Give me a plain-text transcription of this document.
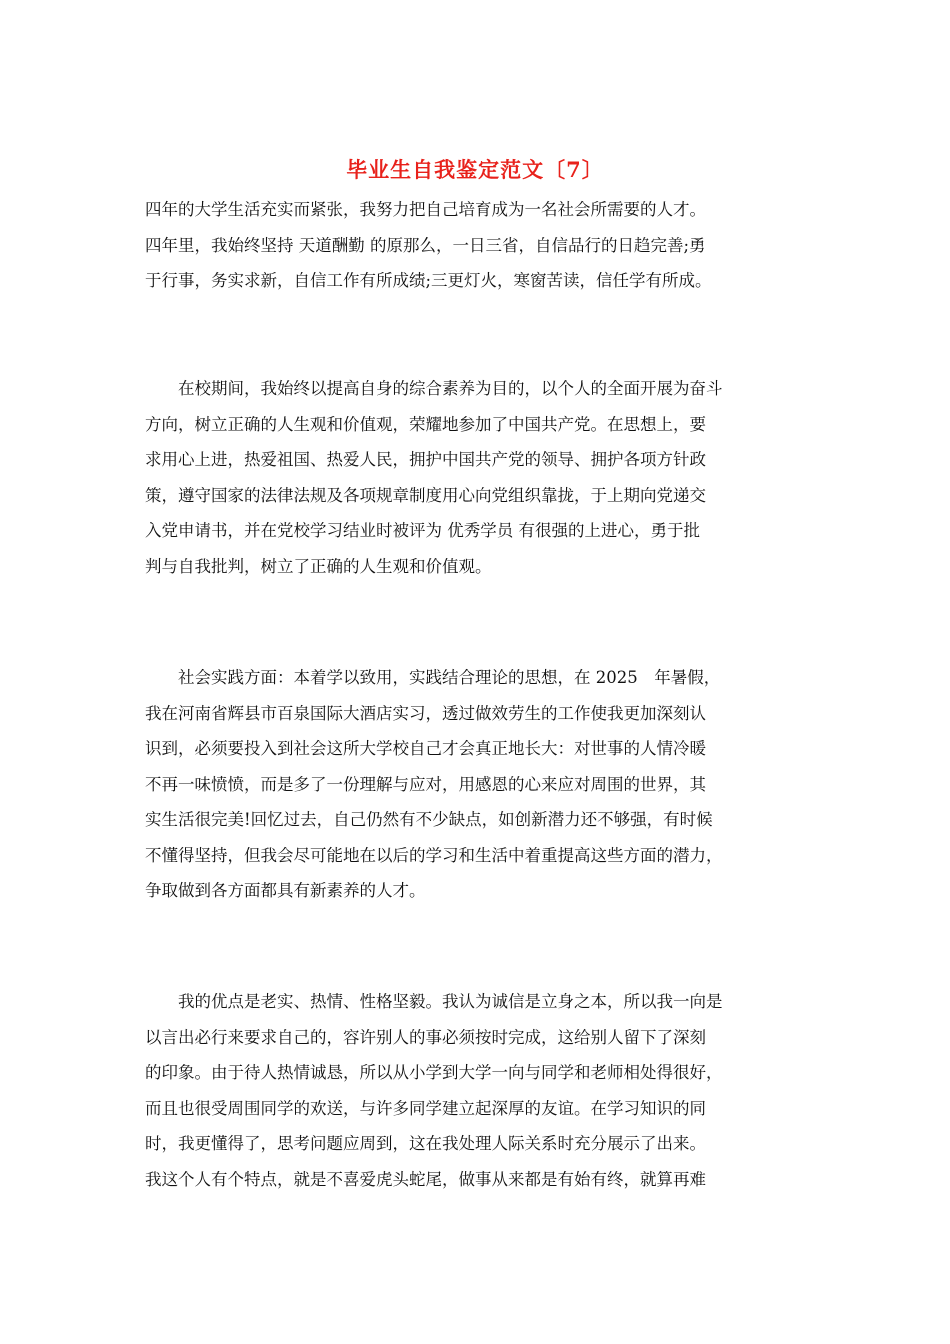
毕业生自我鉴定范文〔7〕
四年的大学生活充实而紧张，我努力把自己培育成为一名社会所需要的人才。
四年里，我始终坚持 天道酬勤 的原那么，一日三省，自信品行的日趋完善;勇
于行事，务实求新，自信工作有所成绩;三更灯火，寒窗苦读，信任学有所成。
　　在校期间，我始终以提高自身的综合素养为目的，以个人的全面开展为奋斗
方向，树立正确的人生观和价值观，荣耀地参加了中国共产党。在思想上，要
求用心上进，热爱祖国、热爱人民，拥护中国共产党的领导、拥护各项方针政
策，遵守国家的法律法规及各项规章制度用心向党组织靠拢，于上期向党递交
入党申请书，并在党校学习结业时被评为 优秀学员 有很强的上进心，勇于批
判与自我批判，树立了正确的人生观和价值观。
　　社会实践方面：本着学以致用，实践结合理论的思想，在 2025　年暑假，
我在河南省辉县市百泉国际大酒店实习，透过做效劳生的工作使我更加深刻认
识到，必须要投入到社会这所大学校自己才会真正地长大：对世事的人情冷暖
不再一味愤愤，而是多了一份理解与应对，用感恩的心来应对周围的世界，其
实生活很完美!回忆过去，自己仍然有不少缺点，如创新潜力还不够强，有时候
不懂得坚持，但我会尽可能地在以后的学习和生活中着重提高这些方面的潜力，
争取做到各方面都具有新素养的人才。
　　我的优点是老实、热情、性格坚毅。我认为诚信是立身之本，所以我一向是
以言出必行来要求自己的，容许别人的事必须按时完成，这给别人留下了深刻
的印象。由于待人热情诚恳，所以从小学到大学一向与同学和老师相处得很好，
而且也很受周围同学的欢送，与许多同学建立起深厚的友谊。在学习知识的同
时，我更懂得了，思考问题应周到，这在我处理人际关系时充分展示了出来。
我这个人有个特点，就是不喜爱虎头蛇尾，做事从来都是有始有终，就算再难
